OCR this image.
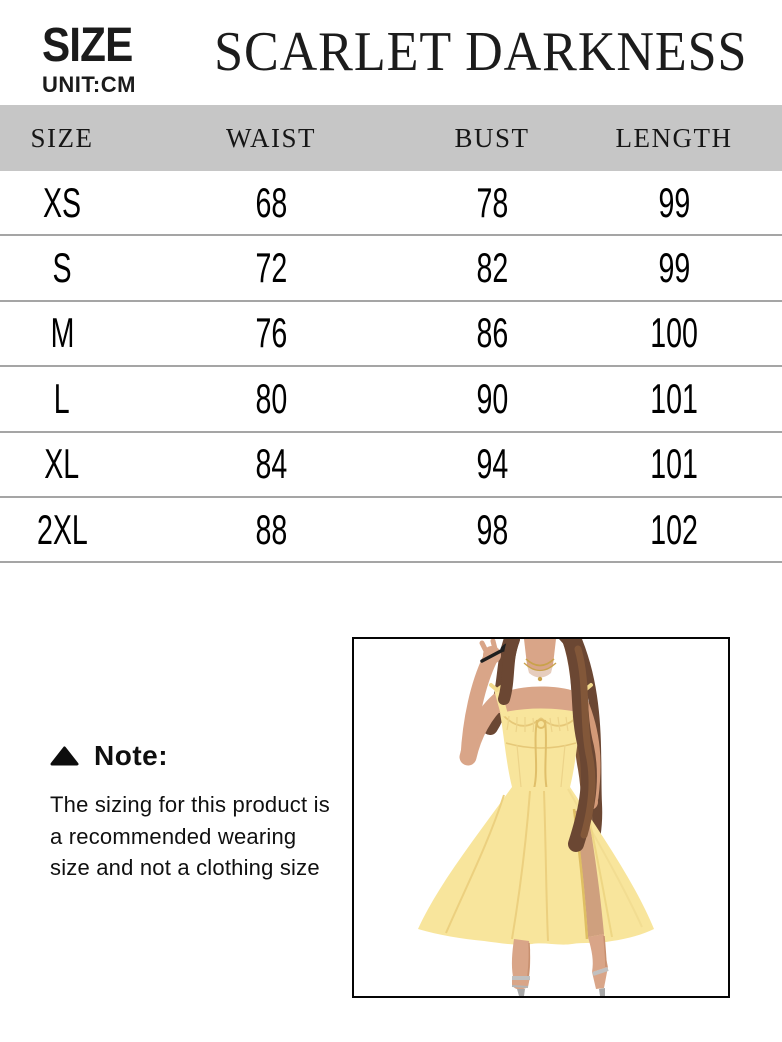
SIZE
UNIT:CM
SCARLET DARKNESS
SIZE	WAIST	BUST	LENGTH
XS	68	78	99
S	72	82	99
M	76	86	100
L	80	90	101
XL	84	94	101
2XL	88	98	102
Note:
The sizing for this product is
a recommended wearing
size and not a clothing size
